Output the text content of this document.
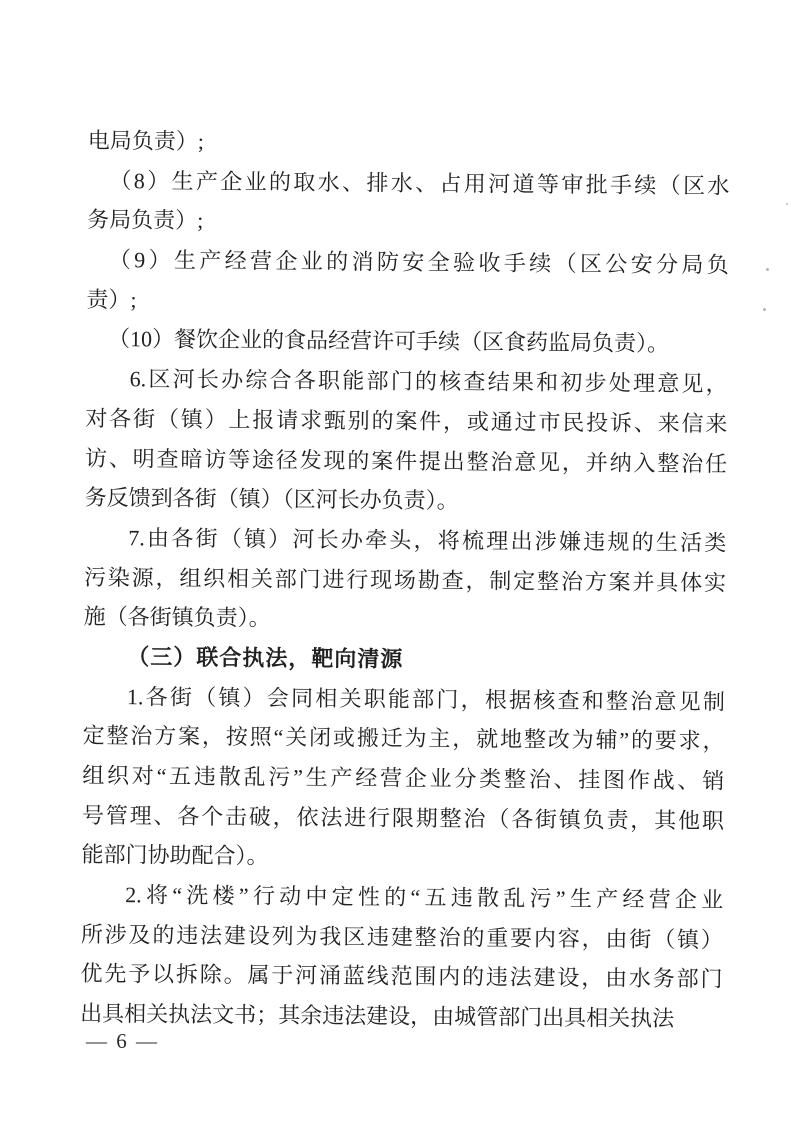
电局负责）;
（8）生产企业的取水、排水、占用河道等审批手续（区水
务局负责）;
（9）生产经营企业的消防安全验收手续（区公安分局负
责）;
（10）餐饮企业的食品经营许可手续（区食药监局负责）。
6.区河长办综合各职能部门的核查结果和初步处理意见，
对各街（镇）上报请求甄别的案件，或通过市民投诉、来信来
访、明查暗访等途径发现的案件提出整治意见，并纳入整治任
务反馈到各街（镇）（区河长办负责）。
7.由各街（镇）河长办牵头，将梳理出涉嫌违规的生活类
污染源，组织相关部门进行现场勘查，制定整治方案并具体实
施（各街镇负责）。
（三）联合执法，靶向清源
1.各街（镇）会同相关职能部门，根据核查和整治意见制
定整治方案，按照“关闭或搬迁为主，就地整改为辅”的要求，
组织对“五违散乱污”生产经营企业分类整治、挂图作战、销
号管理、各个击破，依法进行限期整治（各街镇负责，其他职
能部门协助配合）。
2.将“洗楼”行动中定性的“五违散乱污”生产经营企业
所涉及的违法建设列为我区违建整治的重要内容，由街（镇）
优先予以拆除。属于河涌蓝线范围内的违法建设，由水务部门
出具相关执法文书；其余违法建设，由城管部门出具相关执法
— 6 —
